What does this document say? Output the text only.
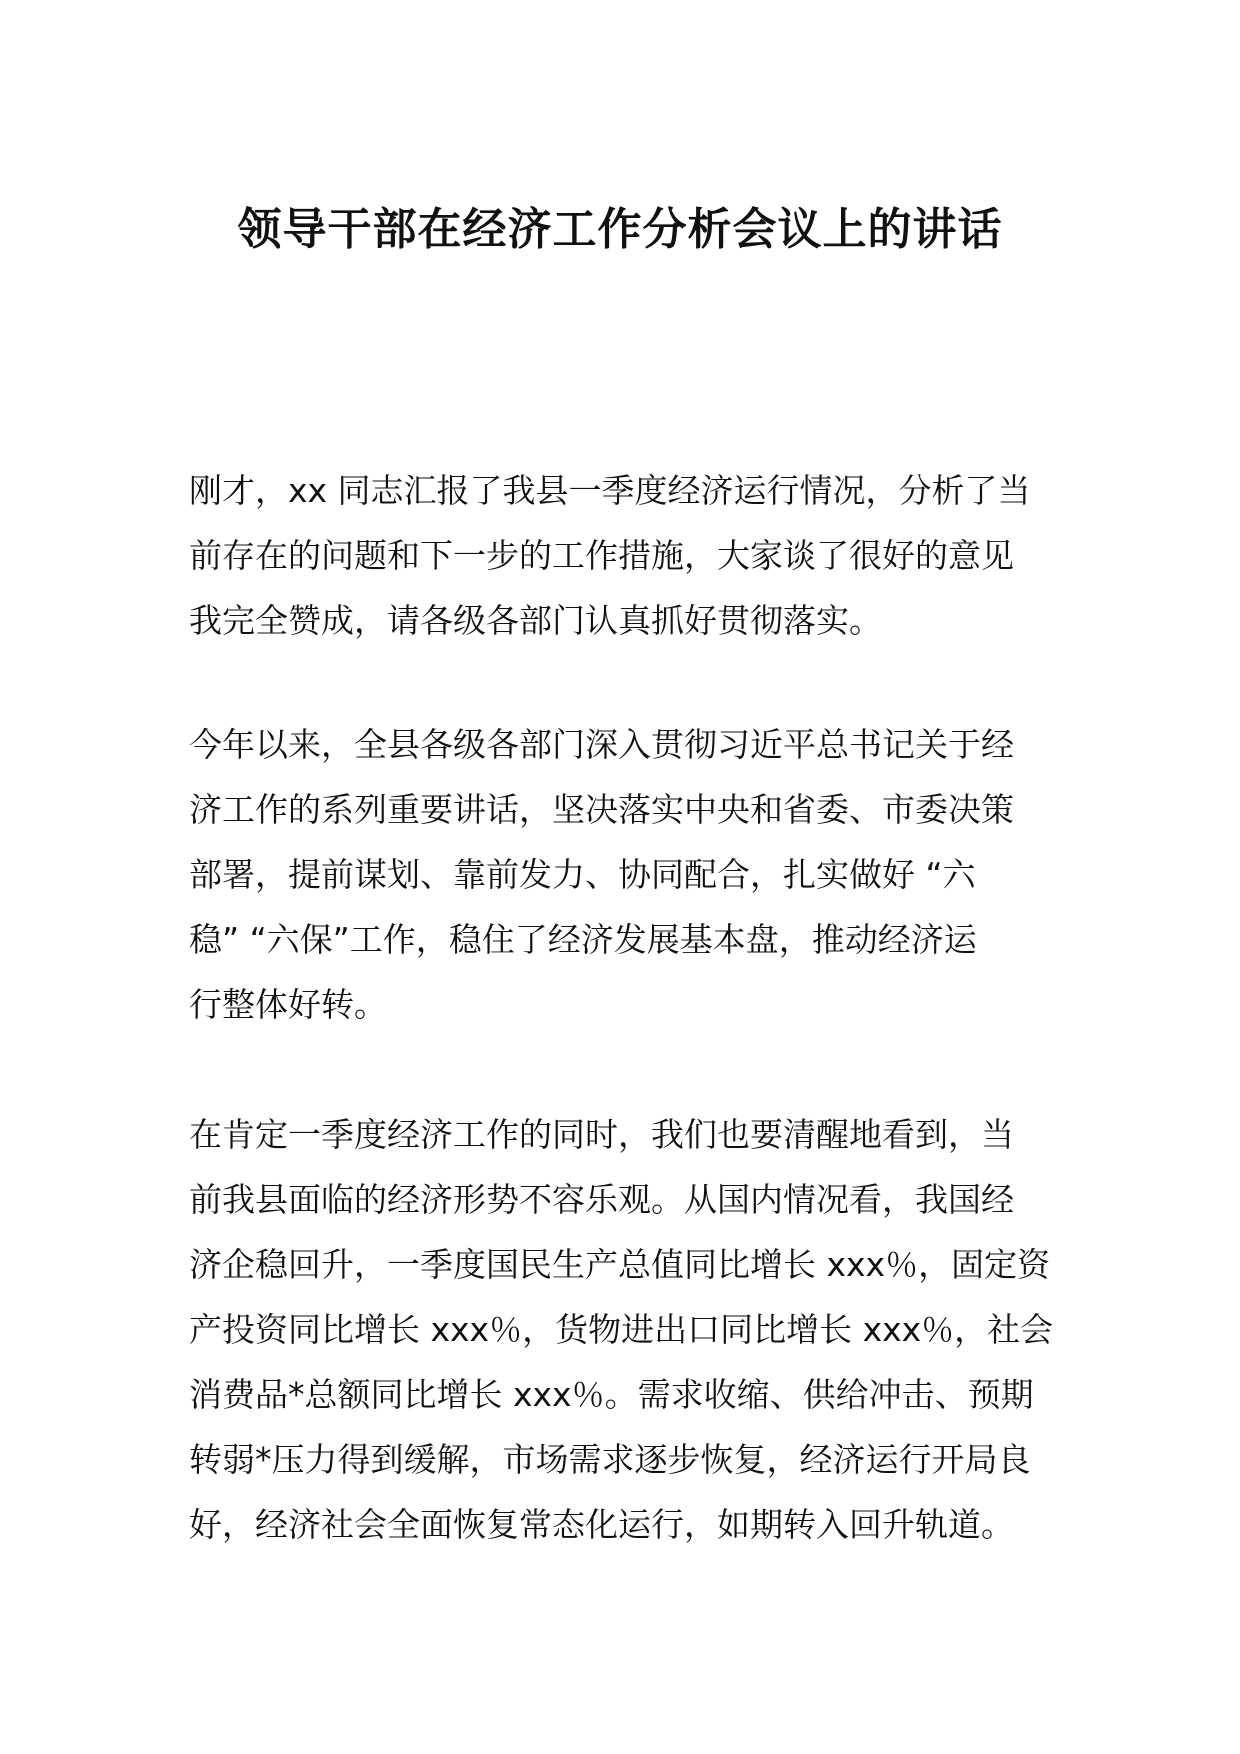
领导干部在经济工作分析会议上的讲话

刚才，xx 同志汇报了我县一季度经济运行情况，分析了当
前存在的问题和下一步的工作措施，大家谈了很好的意见
我完全赞成，请各级各部门认真抓好贯彻落实。

今年以来，全县各级各部门深入贯彻习近平总书记关于经
济工作的系列重要讲话，坚决落实中央和省委、市委决策
部署，提前谋划、靠前发力、协同配合，扎实做好 “六
稳” “六保”工作，稳住了经济发展基本盘，推动经济运
行整体好转。

在肯定一季度经济工作的同时，我们也要清醒地看到，当
前我县面临的经济形势不容乐观。从国内情况看，我国经
济企稳回升，一季度国民生产总值同比增长 xxx％，固定资
产投资同比增长 xxx％，货物进出口同比增长 xxx％，社会
消费品*总额同比增长 xxx％。需求收缩、供给冲击、预期
转弱*压力得到缓解，市场需求逐步恢复，经济运行开局良
好，经济社会全面恢复常态化运行，如期转入回升轨道。
